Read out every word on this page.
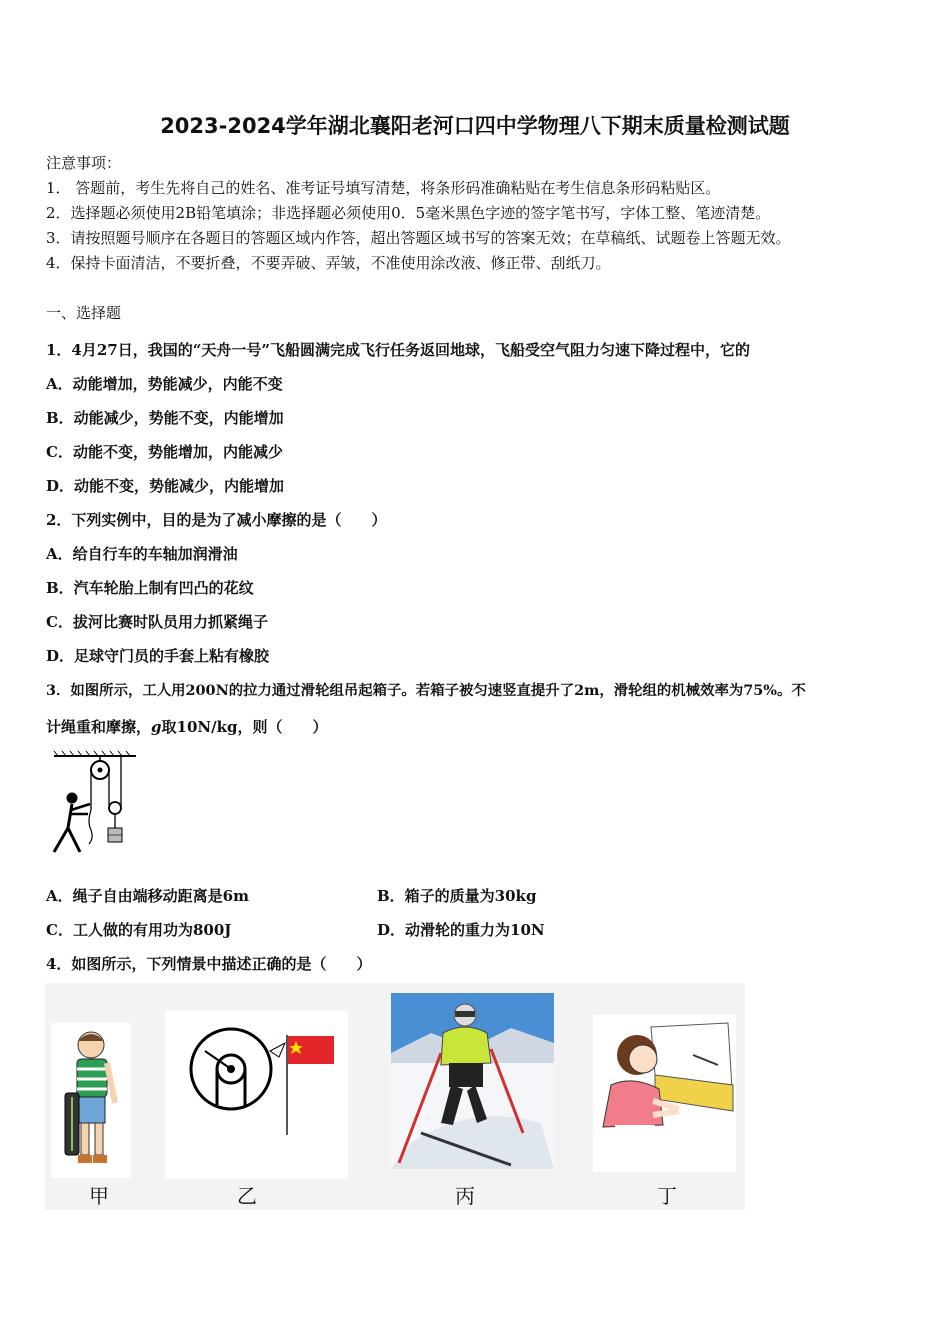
2023-2024学年湖北襄阳老河口四中学物理八下期末质量检测试题
注意事项：
1． 答题前，考生先将自己的姓名、准考证号填写清楚，将条形码准确粘贴在考生信息条形码粘贴区。
2．选择题必须使用2B铅笔填涂；非选择题必须使用0．5毫米黑色字迹的签字笔书写，字体工整、笔迹清楚。
3．请按照题号顺序在各题目的答题区域内作答，超出答题区域书写的答案无效；在草稿纸、试题卷上答题无效。
4．保持卡面清洁，不要折叠，不要弄破、弄皱，不准使用涂改液、修正带、刮纸刀。
一、选择题
1．4月27日，我国的“天舟一号”飞船圆满完成飞行任务返回地球，飞船受空气阻力匀速下降过程中，它的
A．动能增加，势能减少，内能不变
B．动能减少，势能不变，内能增加
C．动能不变，势能增加，内能减少
D．动能不变，势能减少，内能增加
2．下列实例中，目的是为了减小摩擦的是（　　）
A．给自行车的车轴加润滑油
B．汽车轮胎上制有凹凸的花纹
C．拔河比赛时队员用力抓紧绳子
D．足球守门员的手套上粘有橡胶
3．如图所示，工人用200N的拉力通过滑轮组吊起箱子。若箱子被匀速竖直提升了2m，滑轮组的机械效率为75%。不
计绳重和摩擦，g取10N/kg，则（　　）
A．绳子自由端移动距离是6m	B．箱子的质量为30kg
C．工人做的有用功为800J	D．动滑轮的重力为10N
4．如图所示，下列情景中描述正确的是（　　）
甲	乙	丙	丁
